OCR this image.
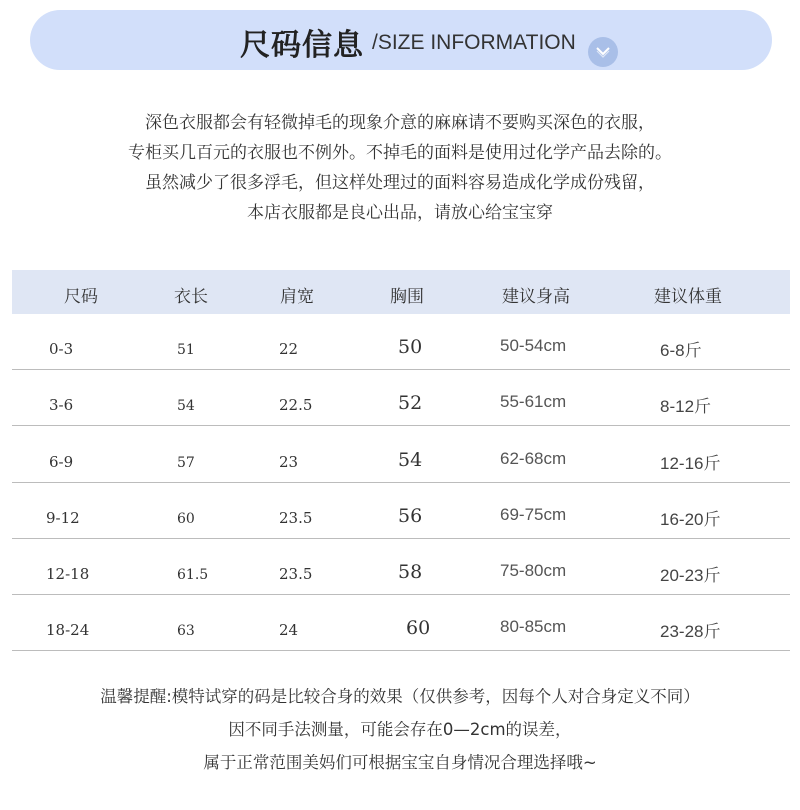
尺码信息 /SIZE INFORMATION

深色衣服都会有轻微掉毛的现象介意的麻麻请不要购买深色的衣服，

专柜买几百元的衣服也不例外。不掉毛的面料是使用过化学产品去除的。

虽然减少了很多浮毛，但这样处理过的面料容易造成化学成份残留，

本店衣服都是良心出品，请放心给宝宝穿

尺码	衣长	肩宽	胸围	建议身高	建议体重
0-3	51	22	50	50-54cm	6-8斤
3-6	54	22.5	52	55-61cm	8-12斤
6-9	57	23	54	62-68cm	12-16斤
9-12	60	23.5	56	69-75cm	16-20斤
12-18	61.5	23.5	58	75-80cm	20-23斤
18-24	63	24	60	80-85cm	23-28斤

温馨提醒:模特试穿的码是比较合身的效果（仅供参考，因每个人对合身定义不同）

因不同手法测量，可能会存在0—2cm的误差，

属于正常范围美妈们可根据宝宝自身情况合理选择哦~
